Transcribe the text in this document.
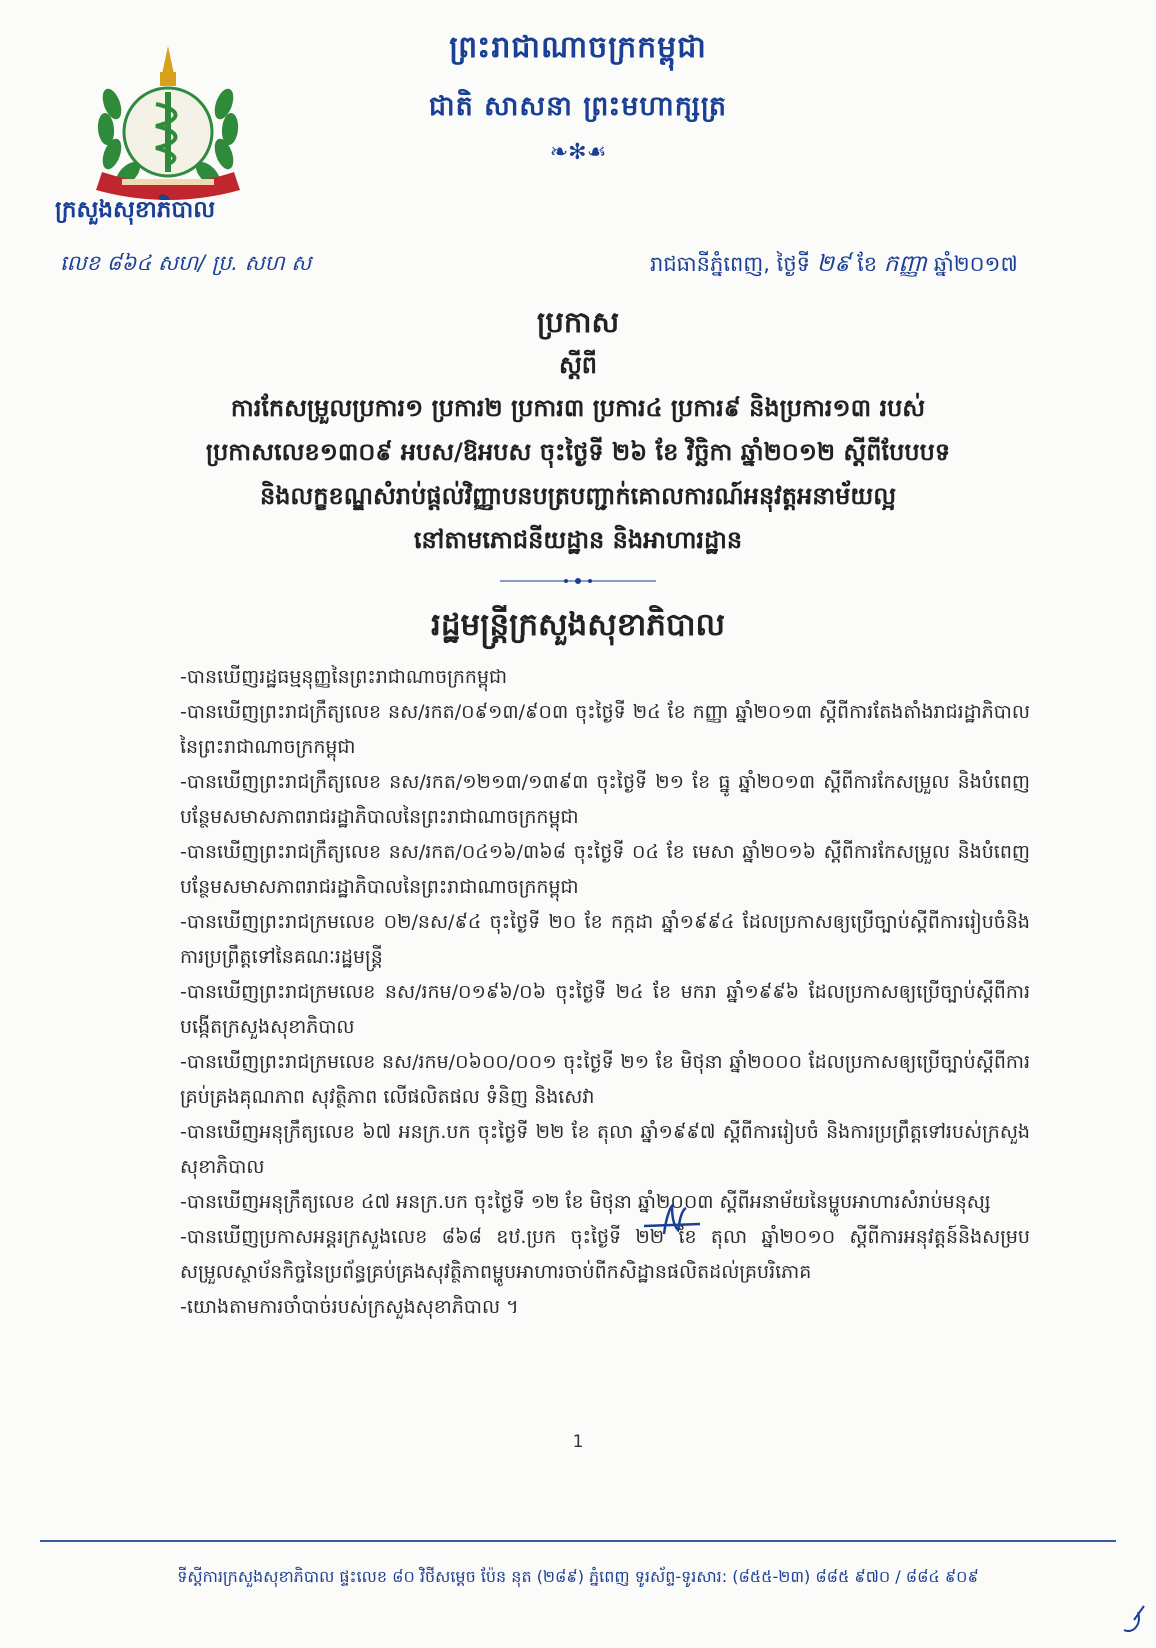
ព្រះរាជាណាចក្រកម្ពុជា
ជាតិ សាសនា ព្រះមហាក្សត្រ
❧✻☙
ក្រសួងសុខាភិបាល
លេខ ៨៦៤ សហ/ ប្រ. សហ ស	រាជធានីភ្នំពេញ, ថ្ងៃទី ២៩ ខែ កញ្ញា ឆ្នាំ២០១៧
ប្រកាស
ស្តីពី
ការកែសម្រួលប្រការ១ ប្រការ២ ប្រការ៣ ប្រការ៤ ប្រការ៩ និងប្រការ១៣ របស់
ប្រកាសលេខ១៣០៩ អបស/ឱអបស ចុះថ្ងៃទី ២៦ ខែ វិច្ឆិកា ឆ្នាំ២០១២ ស្តីពីបែបបទ
និងលក្ខខណ្ឌសំរាប់ផ្តល់វិញ្ញាបនបត្របញ្ជាក់គោលការណ៍អនុវត្តអនាម័យល្អ
នៅតាមភោជនីយដ្ឋាន និងអាហារដ្ឋាន
រដ្ឋមន្ត្រីក្រសួងសុខាភិបាល
-បានឃើញរដ្ឋធម្មនុញ្ញនៃព្រះរាជាណាចក្រកម្ពុជា
-បានឃើញព្រះរាជក្រឹត្យលេខ នស/រកត/០៩១៣/៩០៣ ចុះថ្ងៃទី ២៤ ខែ កញ្ញា ឆ្នាំ២០១៣ ស្តីពីការតែងតាំងរាជរដ្ឋាភិបាលនៃព្រះរាជាណាចក្រកម្ពុជា
-បានឃើញព្រះរាជក្រឹត្យលេខ នស/រកត/១២១៣/១៣៩៣ ចុះថ្ងៃទី ២១ ខែ ធ្នូ ឆ្នាំ២០១៣ ស្តីពីការកែសម្រួល និងបំពេញបន្ថែមសមាសភាពរាជរដ្ឋាភិបាលនៃព្រះរាជាណាចក្រកម្ពុជា
-បានឃើញព្រះរាជក្រឹត្យលេខ នស/រកត/០៤១៦/៣៦៨ ចុះថ្ងៃទី ០៤ ខែ មេសា ឆ្នាំ២០១៦ ស្តីពីការកែសម្រួល និងបំពេញបន្ថែមសមាសភាពរាជរដ្ឋាភិបាលនៃព្រះរាជាណាចក្រកម្ពុជា
-បានឃើញព្រះរាជក្រមលេខ ០២/នស/៩៤ ចុះថ្ងៃទី ២០ ខែ កក្កដា ឆ្នាំ១៩៩៤ ដែលប្រកាសឲ្យប្រើច្បាប់ស្តីពីការរៀបចំនិងការប្រព្រឹត្តទៅនៃគណៈរដ្ឋមន្ត្រី
-បានឃើញព្រះរាជក្រមលេខ នស/រកម/០១៩៦/០៦ ចុះថ្ងៃទី ២៤ ខែ មករា ឆ្នាំ១៩៩៦ ដែលប្រកាសឲ្យប្រើច្បាប់ស្តីពីការបង្កើតក្រសួងសុខាភិបាល
-បានឃើញព្រះរាជក្រមលេខ នស/រកម/០៦០០/០០១ ចុះថ្ងៃទី ២១ ខែ មិថុនា ឆ្នាំ២០០០ ដែលប្រកាសឲ្យប្រើច្បាប់ស្តីពីការគ្រប់គ្រងគុណភាព សុវត្ថិភាព លើផលិតផល ទំនិញ និងសេវា
-បានឃើញអនុក្រឹត្យលេខ ៦៧ អនក្រ.បក ចុះថ្ងៃទី ២២ ខែ តុលា ឆ្នាំ១៩៩៧ ស្តីពីការរៀបចំ និងការប្រព្រឹត្តទៅរបស់ក្រសួងសុខាភិបាល
-បានឃើញអនុក្រឹត្យលេខ ៤៧ អនក្រ.បក ចុះថ្ងៃទី ១២ ខែ មិថុនា ឆ្នាំ២០០៣ ស្តីពីអនាម័យនៃម្ហូបអាហារសំរាប់មនុស្ស
-បានឃើញប្រកាសអន្តរក្រសួងលេខ ៨៦៨ ឧឋ.ប្រក ចុះថ្ងៃទី ២២ ខែ តុលា ឆ្នាំ២០១០ ស្តីពីការអនុវត្តន៍និងសម្របសម្រួលស្ថាប័នកិច្ចនៃប្រព័ន្ធគ្រប់គ្រងសុវត្ថិភាពម្ហូបអាហារចាប់ពីកសិដ្ឋានផលិតដល់គ្របរិភោគ
-យោងតាមការចាំបាច់របស់ក្រសួងសុខាភិបាល ។
1
ទីស្តីការក្រសួងសុខាភិបាល ផ្ទះលេខ ៨០ វិថីសម្តេច ប៉ែន នុត (២៨៩) ភ្នំពេញ ទូរស័ព្ទ-ទូរសារ: (៨៥៥-២៣) ៨៨៥ ៩៧០ / ៨៨៤ ៩០៩
